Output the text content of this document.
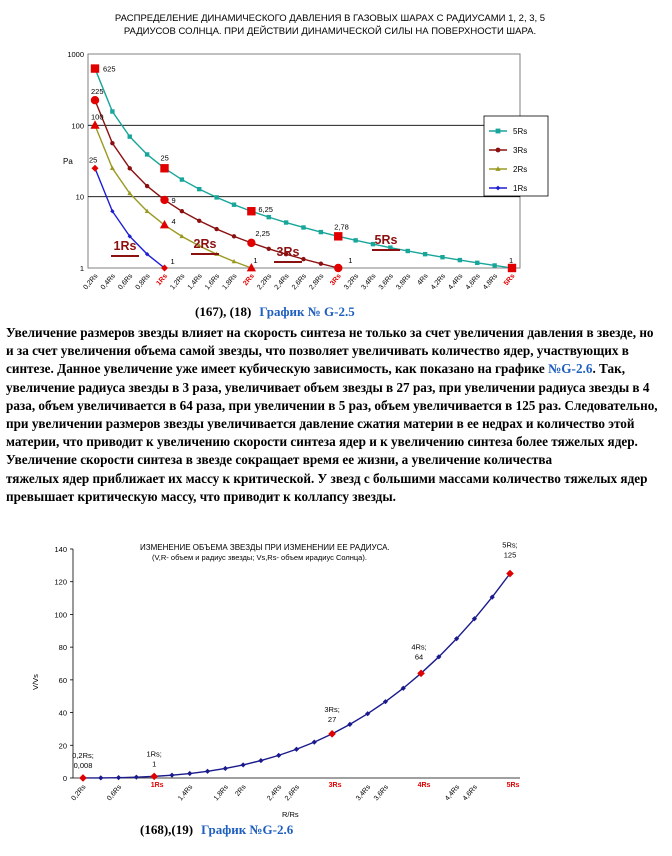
РАСПРЕДЕЛЕНИЕ ДИНАМИЧЕСКОГО ДАВЛЕНИЯ В ГАЗОВЫХ ШАРАХ С РАДИУСАМИ 1, 2, 3, 5
РАДИУСОВ СОЛНЦА. ПРИ ДЕЙСТВИИ ДИНАМИЧЕСКОЙ СИЛЫ НА ПОВЕРХНОСТИ ШАРА.
Pa
1
10
100
1000
0,2Rs 0,4Rs 0,6Rs 0,8Rs 1Rs 1,2Rs 1,4Rs 1,6Rs 1,8Rs 2Rs 2,2Rs 2,4Rs 2,6Rs 2,8Rs 3Rs 3,2Rs 3,4Rs 3,6Rs 3,8Rs 4Rs 4,2Rs 4,4Rs 4,6Rs 4,8Rs 5Rs
625
225
100
25	25
9
4
1
6,25
2,25
1
2,78
1	1
1Rs	2Rs
3Rs
5Rs
5Rs
3Rs
2Rs
1Rs
(167), (18) График № G-2.5

Увеличение размеров звезды влияет на скорость синтеза не только за счет увеличения давления в звезде, но и за счет увеличения объема самой звезды, что позволяет увеличивать количество ядер, участвующих в синтезе. Данное увеличение уже имеет кубическую зависимость, как показано на графике №G-2.6. Так, увеличение радиуса звезды в 3 раза, увеличивает объем звезды в 27 раз, при увеличении радиуса звезды в 4 раза, объем увеличивается в 64 раза, при увеличении в 5 раз, объем увеличивается в 125 раз. Следовательно, при увеличении размеров звезды увеличивается давление сжатия материи в ее недрах и количество этой материи, что приводит к увеличению скорости синтеза ядер и к увеличению синтеза более тяжелых ядер. Увеличение скорости синтеза в звезде сокращает время ее жизни, а увеличение количества
тяжелых ядер приближает их массу к критической. У звезд с большими массами количество тяжелых ядер превышает критическую массу, что приводит к коллапсу звезды.

ИЗМЕНЕНИЕ ОБЪЕМА ЗВЕЗДЫ ПРИ ИЗМЕНЕНИИ ЕЕ РАДИУСА.
(V,R- объем и радиус звезды; Vs,Rs- объем ирадиус Солнца).
V/Vs
R/Rs
0
20
40
60
80
100
120
140
0,2Rs	0,6Rs	1Rs 1,4Rs	1,8Rs 2Rs	2,4Rs 2,6Rs	3Rs 3,4Rs 3,6Rs	4Rs 4,4Rs 4,6Rs	5Rs
0,2Rs;
0,008
1Rs;
1
3Rs;
27
4Rs;
64
5Rs;
125
(168),(19) График №G-2.6
